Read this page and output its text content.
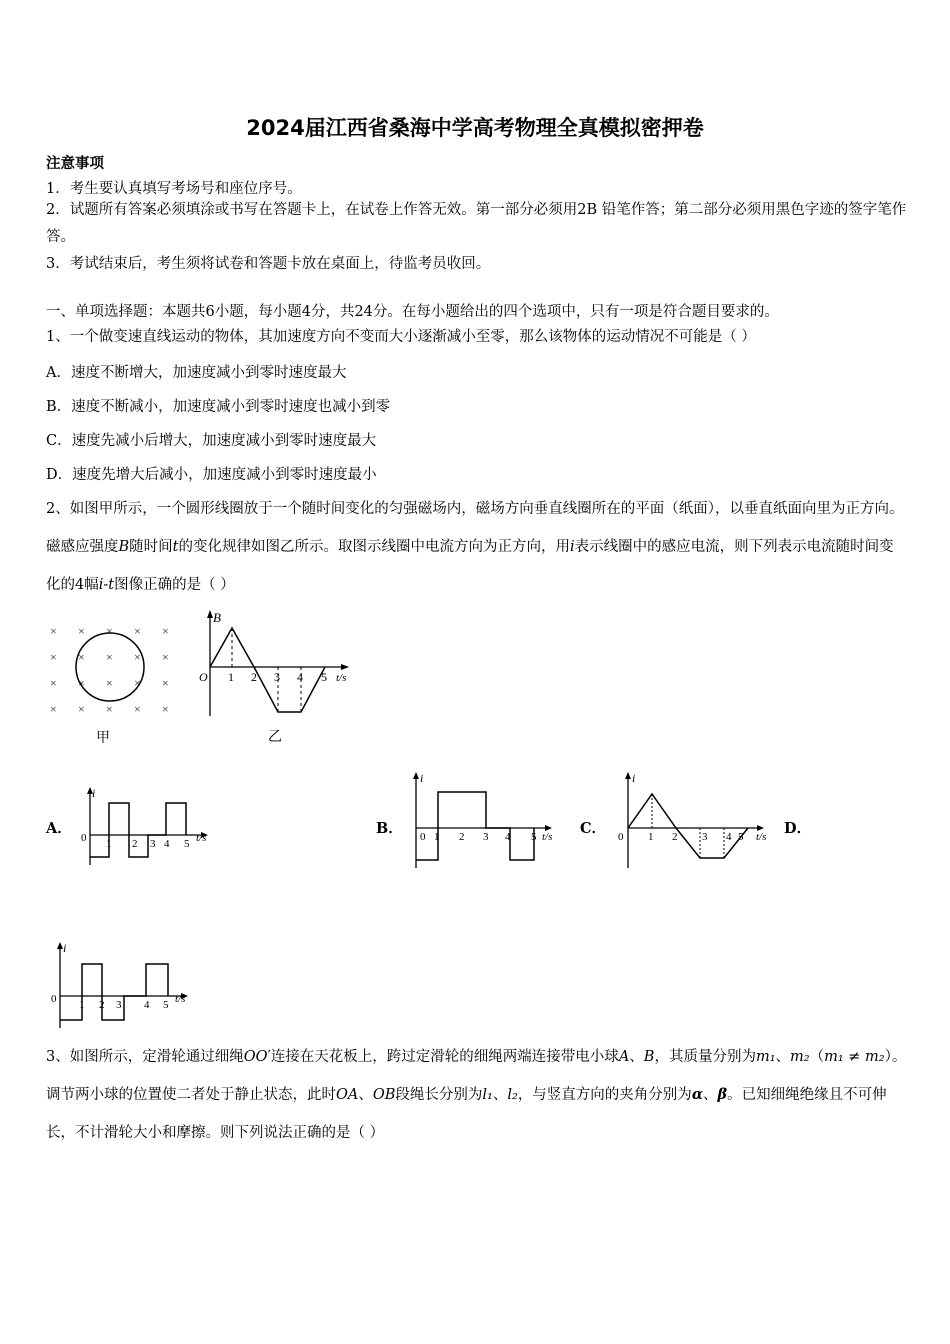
2024届江西省桑海中学高考物理全真模拟密押卷
注意事项
1．考生要认真填写考场号和座位序号。
2．试题所有答案必须填涂或书写在答题卡上，在试卷上作答无效。第一部分必须用2B 铅笔作答；第二部分必须用黑色字迹的签字笔作答。
3．考试结束后，考生须将试卷和答题卡放在桌面上，待监考员收回。
一、单项选择题：本题共6小题，每小题4分，共24分。在每小题给出的四个选项中，只有一项是符合题目要求的。
1、一个做变速直线运动的物体，其加速度方向不变而大小逐渐减小至零，那么该物体的运动情况不可能是（ ）
A．速度不断增大，加速度减小到零时速度最大
B．速度不断减小，加速度减小到零时速度也减小到零
C．速度先减小后增大，加速度减小到零时速度最大
D．速度先增大后减小，加速度减小到零时速度最小
2、如图甲所示，一个圆形线圈放于一个随时间变化的匀强磁场内，磁场方向垂直线圈所在的平面（纸面），以垂直纸面向里为正方向。磁感应强度B随时间t的变化规律如图乙所示。取图示线圈中电流方向为正方向，用i表示线圈中的感应电流，则下列表示电流随时间变化的4幅i-t图像正确的是（ ）
× × × × ×
× × × × ×
× × × × ×
× × × × ×
甲
B
O 1 2 3 4 5 t/s
乙
A．
i
0 1 2 3 4 5 t/s
B．
i
0 1 2 3 4 5 t/s C．
i
0 1 2 3 4 5 t/s D．
i
0 1 2 3 4 5 t/s
3、如图所示，定滑轮通过细绳OO′连接在天花板上，跨过定滑轮的细绳两端连接带电小球A、B，其质量分别为m₁、m₂（m₁ ≠ m₂）。调节两小球的位置使二者处于静止状态，此时OA、OB段绳长分别为l₁、l₂，与竖直方向的夹角分别为α、β。已知细绳绝缘且不可伸长，不计滑轮大小和摩擦。则下列说法正确的是（ ）
